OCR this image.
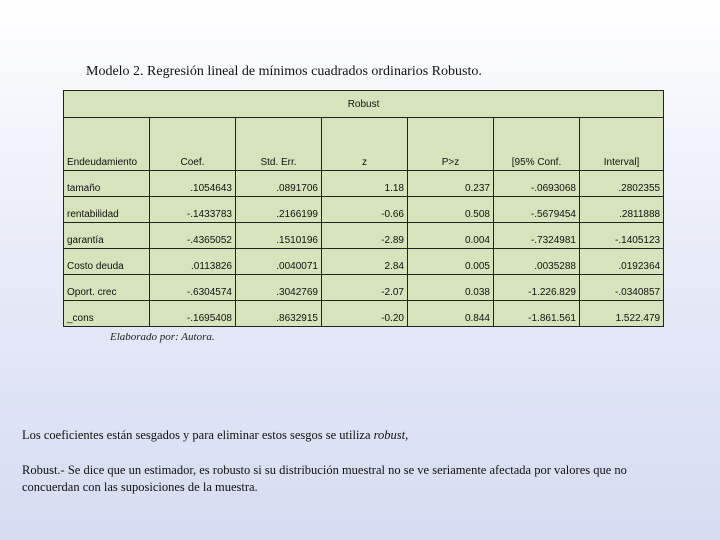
Modelo 2. Regresión lineal de mínimos cuadrados ordinarios Robusto.
Robust						
Endeudamiento	Coef.	Std. Err.	z	P>z	[95% Conf.	Interval]
tamaño	.1054643	.0891706	1.18	0.237	-.0693068	.2802355
rentabilidad	-.1433783	.2166199	-0.66	0.508	-.5679454	.2811888
garantía	-.4365052	.1510196	-2.89	0.004	-.7324981	-.1405123
Costo deuda	.0113826	.0040071	2.84	0.005	.0035288	.0192364
Oport. crec	-.6304574	.3042769	-2.07	0.038	-1.226.829	-.0340857
_cons	-.1695408	.8632915	-0.20	0.844	-1.861.561	1.522.479
Elaborado por: Autora.
Los coeficientes están sesgados y para eliminar estos sesgos se utiliza robust,
Robust.- Se dice que un estimador, es robusto si su distribución muestral no se ve seriamente afectada por valores que no concuerdan con las suposiciones de la muestra.
